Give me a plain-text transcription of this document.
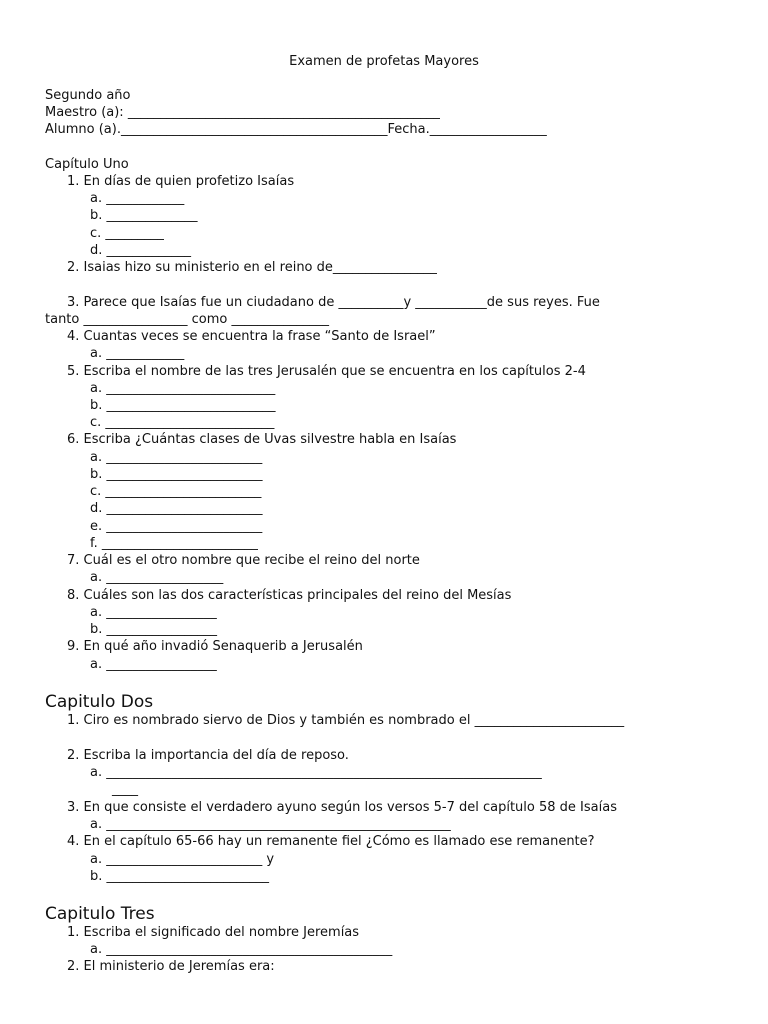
Examen de profetas Mayores
Segundo año
Maestro (a): ________________________________________________
Alumno (a)._________________________________________Fecha.__________________
Capítulo Uno
1. En días de quien profetizo Isaías
a. ____________
b. ______________
c. _________
d. _____________
2. Isaias hizo su ministerio en el reino de________________
3. Parece que Isaías fue un ciudadano de __________y ___________de sus reyes. Fue
tanto ________________ como _______________
4. Cuantas veces se encuentra la frase “Santo de Israel”
a. ____________
5. Escriba el nombre de las tres Jerusalén que se encuentra en los capítulos 2-4
a. __________________________
b. __________________________
c. __________________________
6. Escriba ¿Cuántas clases de Uvas silvestre habla en Isaías
a. ________________________
b. ________________________
c. ________________________
d. ________________________
e. ________________________
f. ________________________
7. Cuál es el otro nombre que recibe el reino del norte
a. __________________
8. Cuáles son las dos características principales del reino del Mesías
a. _________________
b. _________________
9. En qué año invadió Senaquerib a Jerusalén
a. _________________
Capitulo Dos
1. Ciro es nombrado siervo de Dios y también es nombrado el _______________________
2. Escriba la importancia del día de reposo.
a. ___________________________________________________________________
____
3. En que consiste el verdadero ayuno según los versos 5-7 del capítulo 58 de Isaías
a. _____________________________________________________
4. En el capítulo 65-66 hay un remanente fiel ¿Cómo es llamado ese remanente?
a. ________________________ y
b. _________________________
Capitulo Tres
1. Escriba el significado del nombre Jeremías
a. ____________________________________________
2. El ministerio de Jeremías era:
